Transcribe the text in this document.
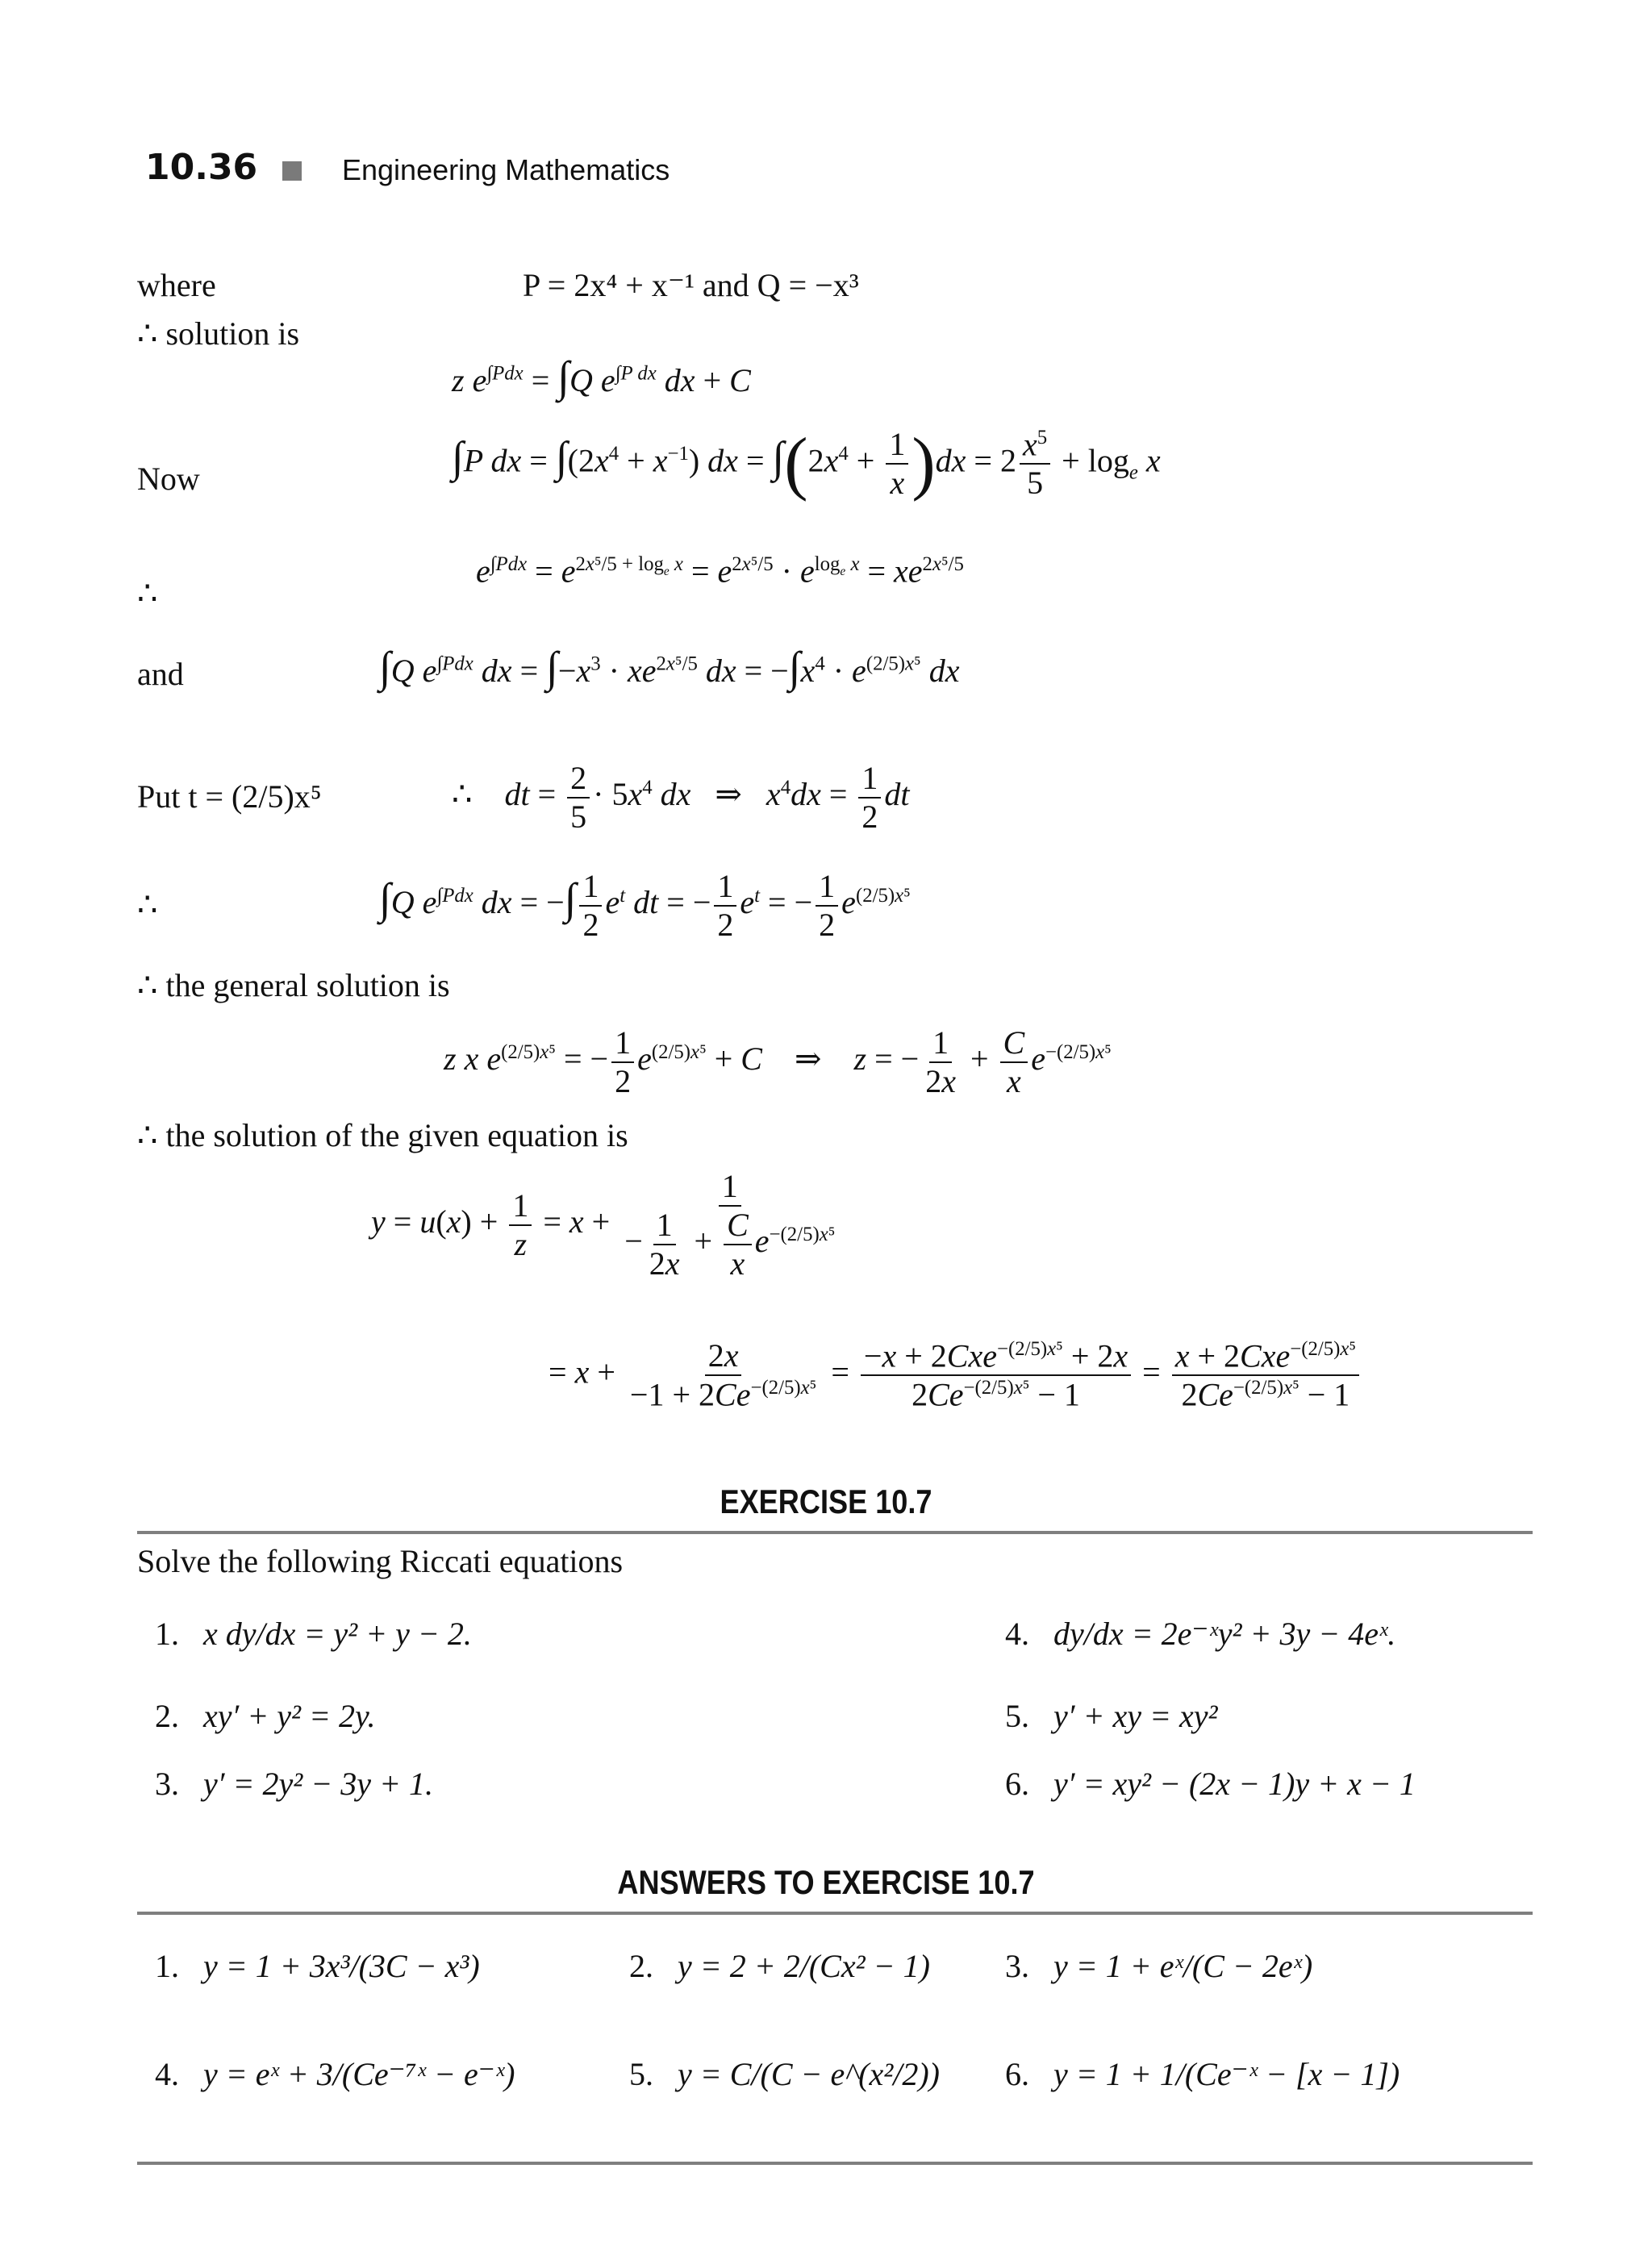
10.36	Engineering Mathematics
where	P = 2x⁴ + x⁻¹ and Q = −x³
∴ solution is
z $e^{\int Pdx} = \int Q$ $e^{\int P dx}$ dx + C
Now	∫P dx = $\int(2x^4 + x^{-1})$ dx = $\int(2x^4 + \frac{1}{x} )dx = 2 \frac{x^5}{5} + \log_e x$
∴
$e^{\int Pdx} = e^{2x^5/5 + log_e x} = e^{2x^5/5} \cdot e^{log_e x} = xe^{2x^5/5}$
and	∫Q $e^{\int Pdx}$ dx = $\int-x^3 \cdot xe^{2x^5/5}$ dx = $-\int x^4 \cdot e^{(2/5)x^5}$ dx
Put t = (2/5)x⁵	∴    dt = $\frac{2}{5} \cdot 5x^4$ dx   ⇒   $x^4dx = \frac{1}{2}$ dt
∴	∫Q $e^{\int Pdx}$ dx = −∫ $\frac{1}{2} e^t$ dt = − $\frac{1}{2} e^t$ = − $\frac{1}{2} e^{(2/5)x^5}$
∴ the general solution is
z x $e^{(2/5)x^5}$ = − $\frac{1}{2} e^{(2/5)x^5} + C$    ⇒    z = − $\frac{1}{2x} + \frac{C}{x} e^{-(2/5)x^5}$
∴ the solution of the given equation is
$y = u(x) + \frac{1}{z} = x + \frac{1}{- \frac{1}{2x} + \frac{C}{x} e^{-(2/5)x^5}}$
= $x + \frac{2x}{-1 + 2Ce^{-(2/5)x^5}} = \frac{-x + 2Cxe^{-(2/5)x^5} + 2x}{2Ce^{-(2/5)x^5} - 1} = \frac{x + 2Cxe^{-(2/5)x^5}}{2Ce^{-(2/5)x^5} - 1}$
EXERCISE 10.7
Solve the following Riccati equations
1. x dy/dx = y² + y − 2.
2. xy′ + y² = 2y.
3. y′ = 2y² − 3y + 1.
4. dy/dx = 2e⁻ˣy² + 3y − 4eˣ.
5. y′ + xy = xy²
6. y′ = xy² − (2x − 1)y + x − 1
ANSWERS TO EXERCISE 10.7
1. y = 1 + 3x³/(3C − x³)	2. y = 2 + 2/(Cx² − 1) 3. y = 1 + eˣ/(C − 2eˣ)
4. y = eˣ + 3/(Ce⁻⁷ˣ − e⁻ˣ)	5. y = C/(C − e^(x²/2)) 6. y = 1 + 1/(Ce⁻ˣ − [x − 1])
